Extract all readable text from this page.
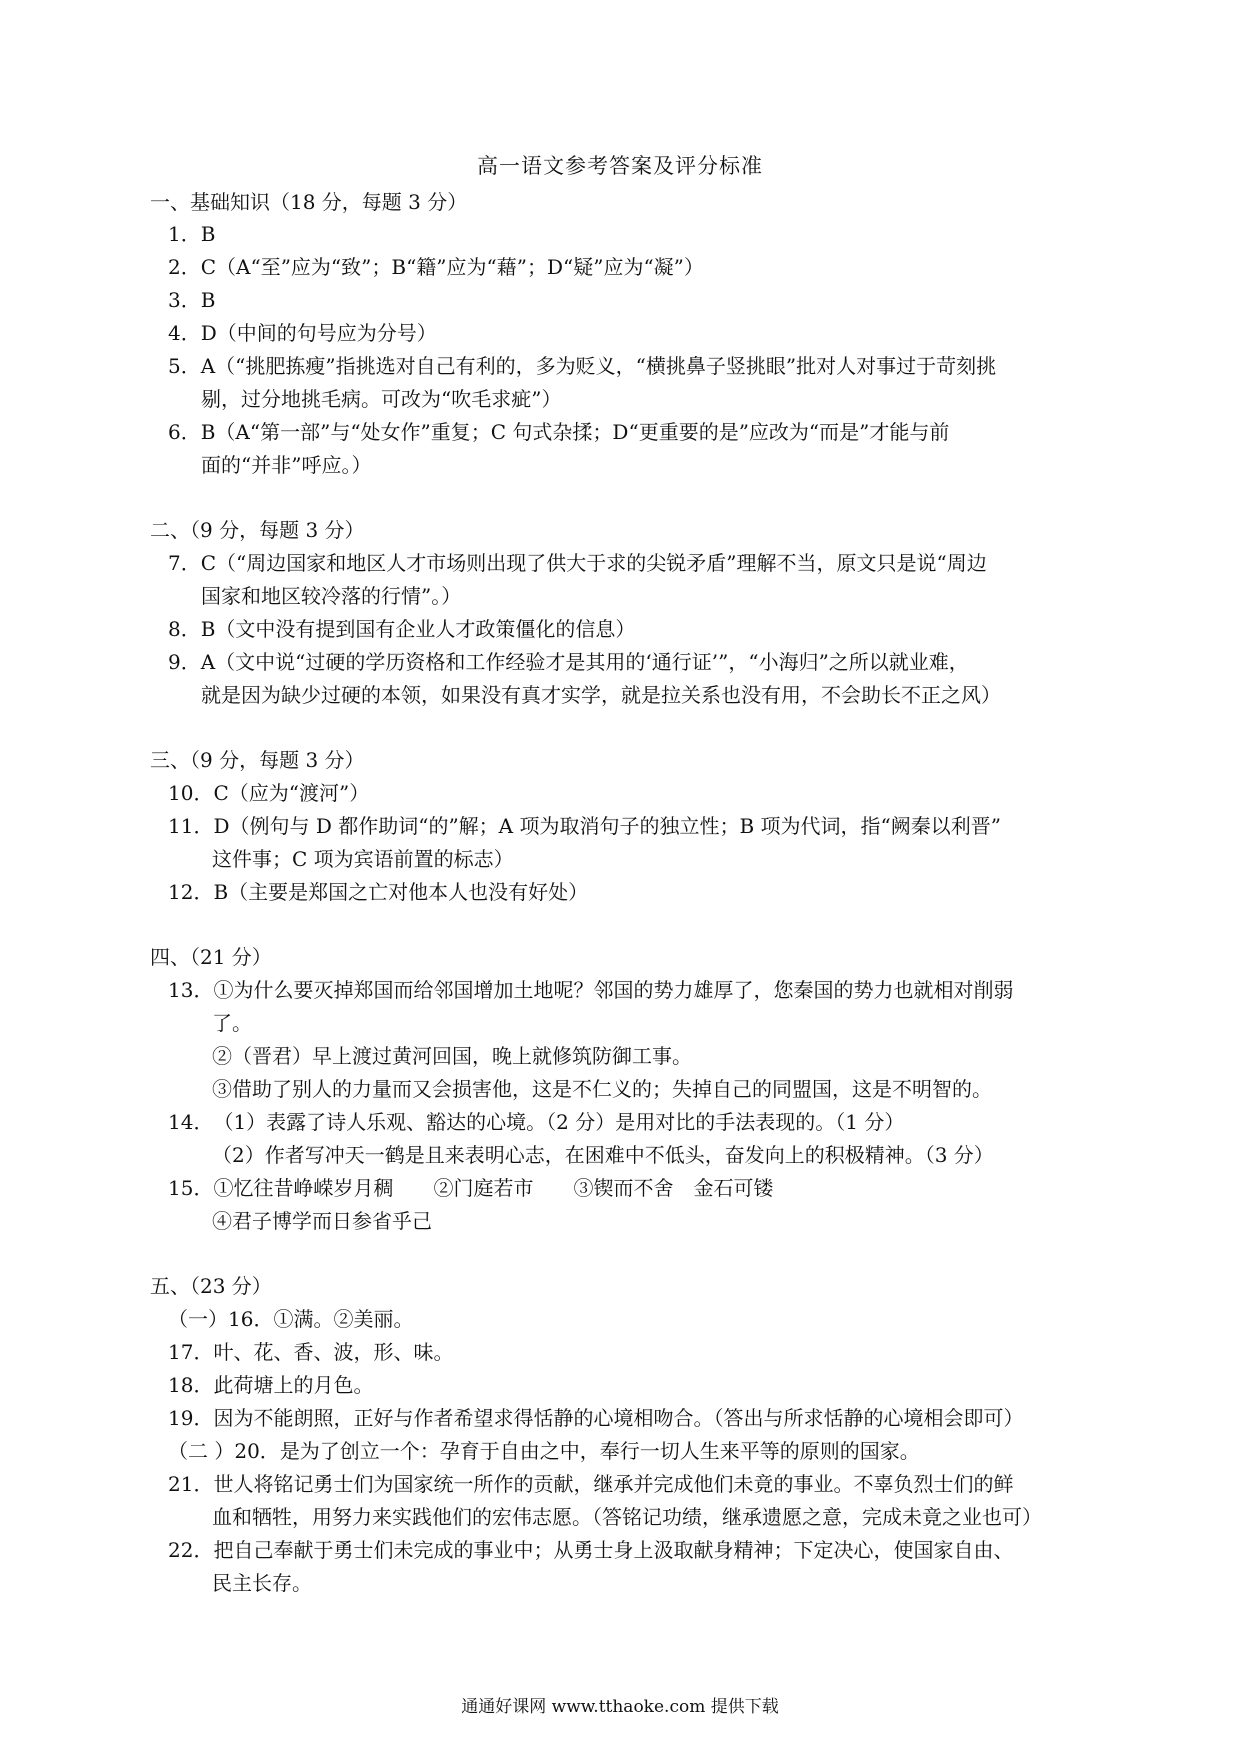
高一语文参考答案及评分标准
一、基础知识（18 分，每题 3 分）
1．B
2．C（A“至”应为“致”；B“籍”应为“藉”；D“疑”应为“凝”）
3．B
4．D（中间的句号应为分号）
5．A（“挑肥拣瘦”指挑选对自己有利的，多为贬义，“横挑鼻子竖挑眼”批对人对事过于苛刻挑
剔，过分地挑毛病。可改为“吹毛求疵”）
6．B（A“第一部”与“处女作”重复；C 句式杂揉；D“更重要的是”应改为“而是”才能与前
面的“并非”呼应。）
二、（9 分，每题 3 分）
7．C（“周边国家和地区人才市场则出现了供大于求的尖锐矛盾”理解不当，原文只是说“周边
国家和地区较冷落的行情”。）
8．B（文中没有提到国有企业人才政策僵化的信息）
9．A（文中说“过硬的学历资格和工作经验才是其用的‘通行证’”，“小海归”之所以就业难，
就是因为缺少过硬的本领，如果没有真才实学，就是拉关系也没有用，不会助长不正之风）
三、（9 分，每题 3 分）
10．C（应为“渡河”）
11．D（例句与 D 都作助词“的”解；A 项为取消句子的独立性；B 项为代词，指“阙秦以利晋”
这件事；C 项为宾语前置的标志）
12．B（主要是郑国之亡对他本人也没有好处）
四、（21 分）
13．①为什么要灭掉郑国而给邻国增加土地呢？邻国的势力雄厚了，您秦国的势力也就相对削弱
了。
②（晋君）早上渡过黄河回国，晚上就修筑防御工事。
③借助了别人的力量而又会损害他，这是不仁义的；失掉自己的同盟国，这是不明智的。
14．（1）表露了诗人乐观、豁达的心境。（2 分）是用对比的手法表现的。（1 分）
（2）作者写冲天一鹤是且来表明心志，在困难中不低头，奋发向上的积极精神。（3 分）
15．①忆往昔峥嵘岁月稠　　②门庭若市　　③锲而不舍　金石可镂
④君子博学而日参省乎己
五、（23 分）
（一）16．①满。②美丽。
17．叶、花、香、波，形、味。
18．此荷塘上的月色。
19．因为不能朗照，正好与作者希望求得恬静的心境相吻合。（答出与所求恬静的心境相会即可）
（二 ）20．是为了创立一个：孕育于自由之中，奉行一切人生来平等的原则的国家。
21．世人将铭记勇士们为国家统一所作的贡献，继承并完成他们未竟的事业。不辜负烈士们的鲜
血和牺牲，用努力来实践他们的宏伟志愿。（答铭记功绩，继承遗愿之意，完成未竟之业也可）
22．把自己奉献于勇士们未完成的事业中；从勇士身上汲取献身精神；下定决心，使国家自由、
民主长存。
通通好课网 www.tthaoke.com 提供下载
